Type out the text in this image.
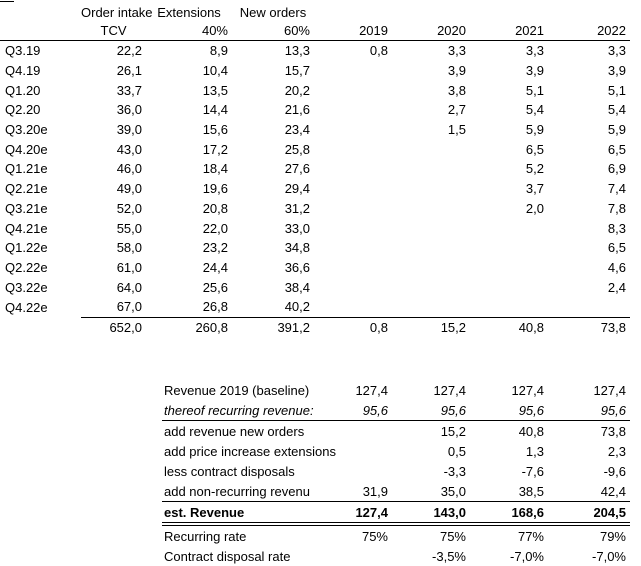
	Order intake	Extensions	New orders				
	TCV	40%	60%	2019	2020	2021	2022
Q3.19	22,2	8,9	13,3	0,8	3,3	3,3	3,3
Q4.19	26,1	10,4	15,7		3,9	3,9	3,9
Q1.20	33,7	13,5	20,2		3,8	5,1	5,1
Q2.20	36,0	14,4	21,6		2,7	5,4	5,4
Q3.20e	39,0	15,6	23,4		1,5	5,9	5,9
Q4.20e	43,0	17,2	25,8			6,5	6,5
Q1.21e	46,0	18,4	27,6			5,2	6,9
Q2.21e	49,0	19,6	29,4			3,7	7,4
Q3.21e	52,0	20,8	31,2			2,0	7,8
Q4.21e	55,0	22,0	33,0				8,3
Q1.22e	58,0	23,2	34,8				6,5
Q2.22e	61,0	24,4	36,6				4,6
Q3.22e	64,0	25,6	38,4				2,4
Q4.22e	67,0	26,8	40,2				
	652,0	260,8	391,2	0,8	15,2	40,8	73,8
Revenue 2019 (baseline)	127,4	127,4	127,4	127,4
thereof recurring revenue:	95,6	95,6	95,6	95,6
add revenue new orders		15,2	40,8	73,8
add price increase extensions		0,5	1,3	2,3
less contract disposals		-3,3	-7,6	-9,6
add non-recurring revenu	31,9	35,0	38,5	42,4
est. Revenue	127,4	143,0	168,6	204,5
Recurring rate	75%	75%	77%	79%
Contract disposal rate		-3,5%	-7,0%	-7,0%
